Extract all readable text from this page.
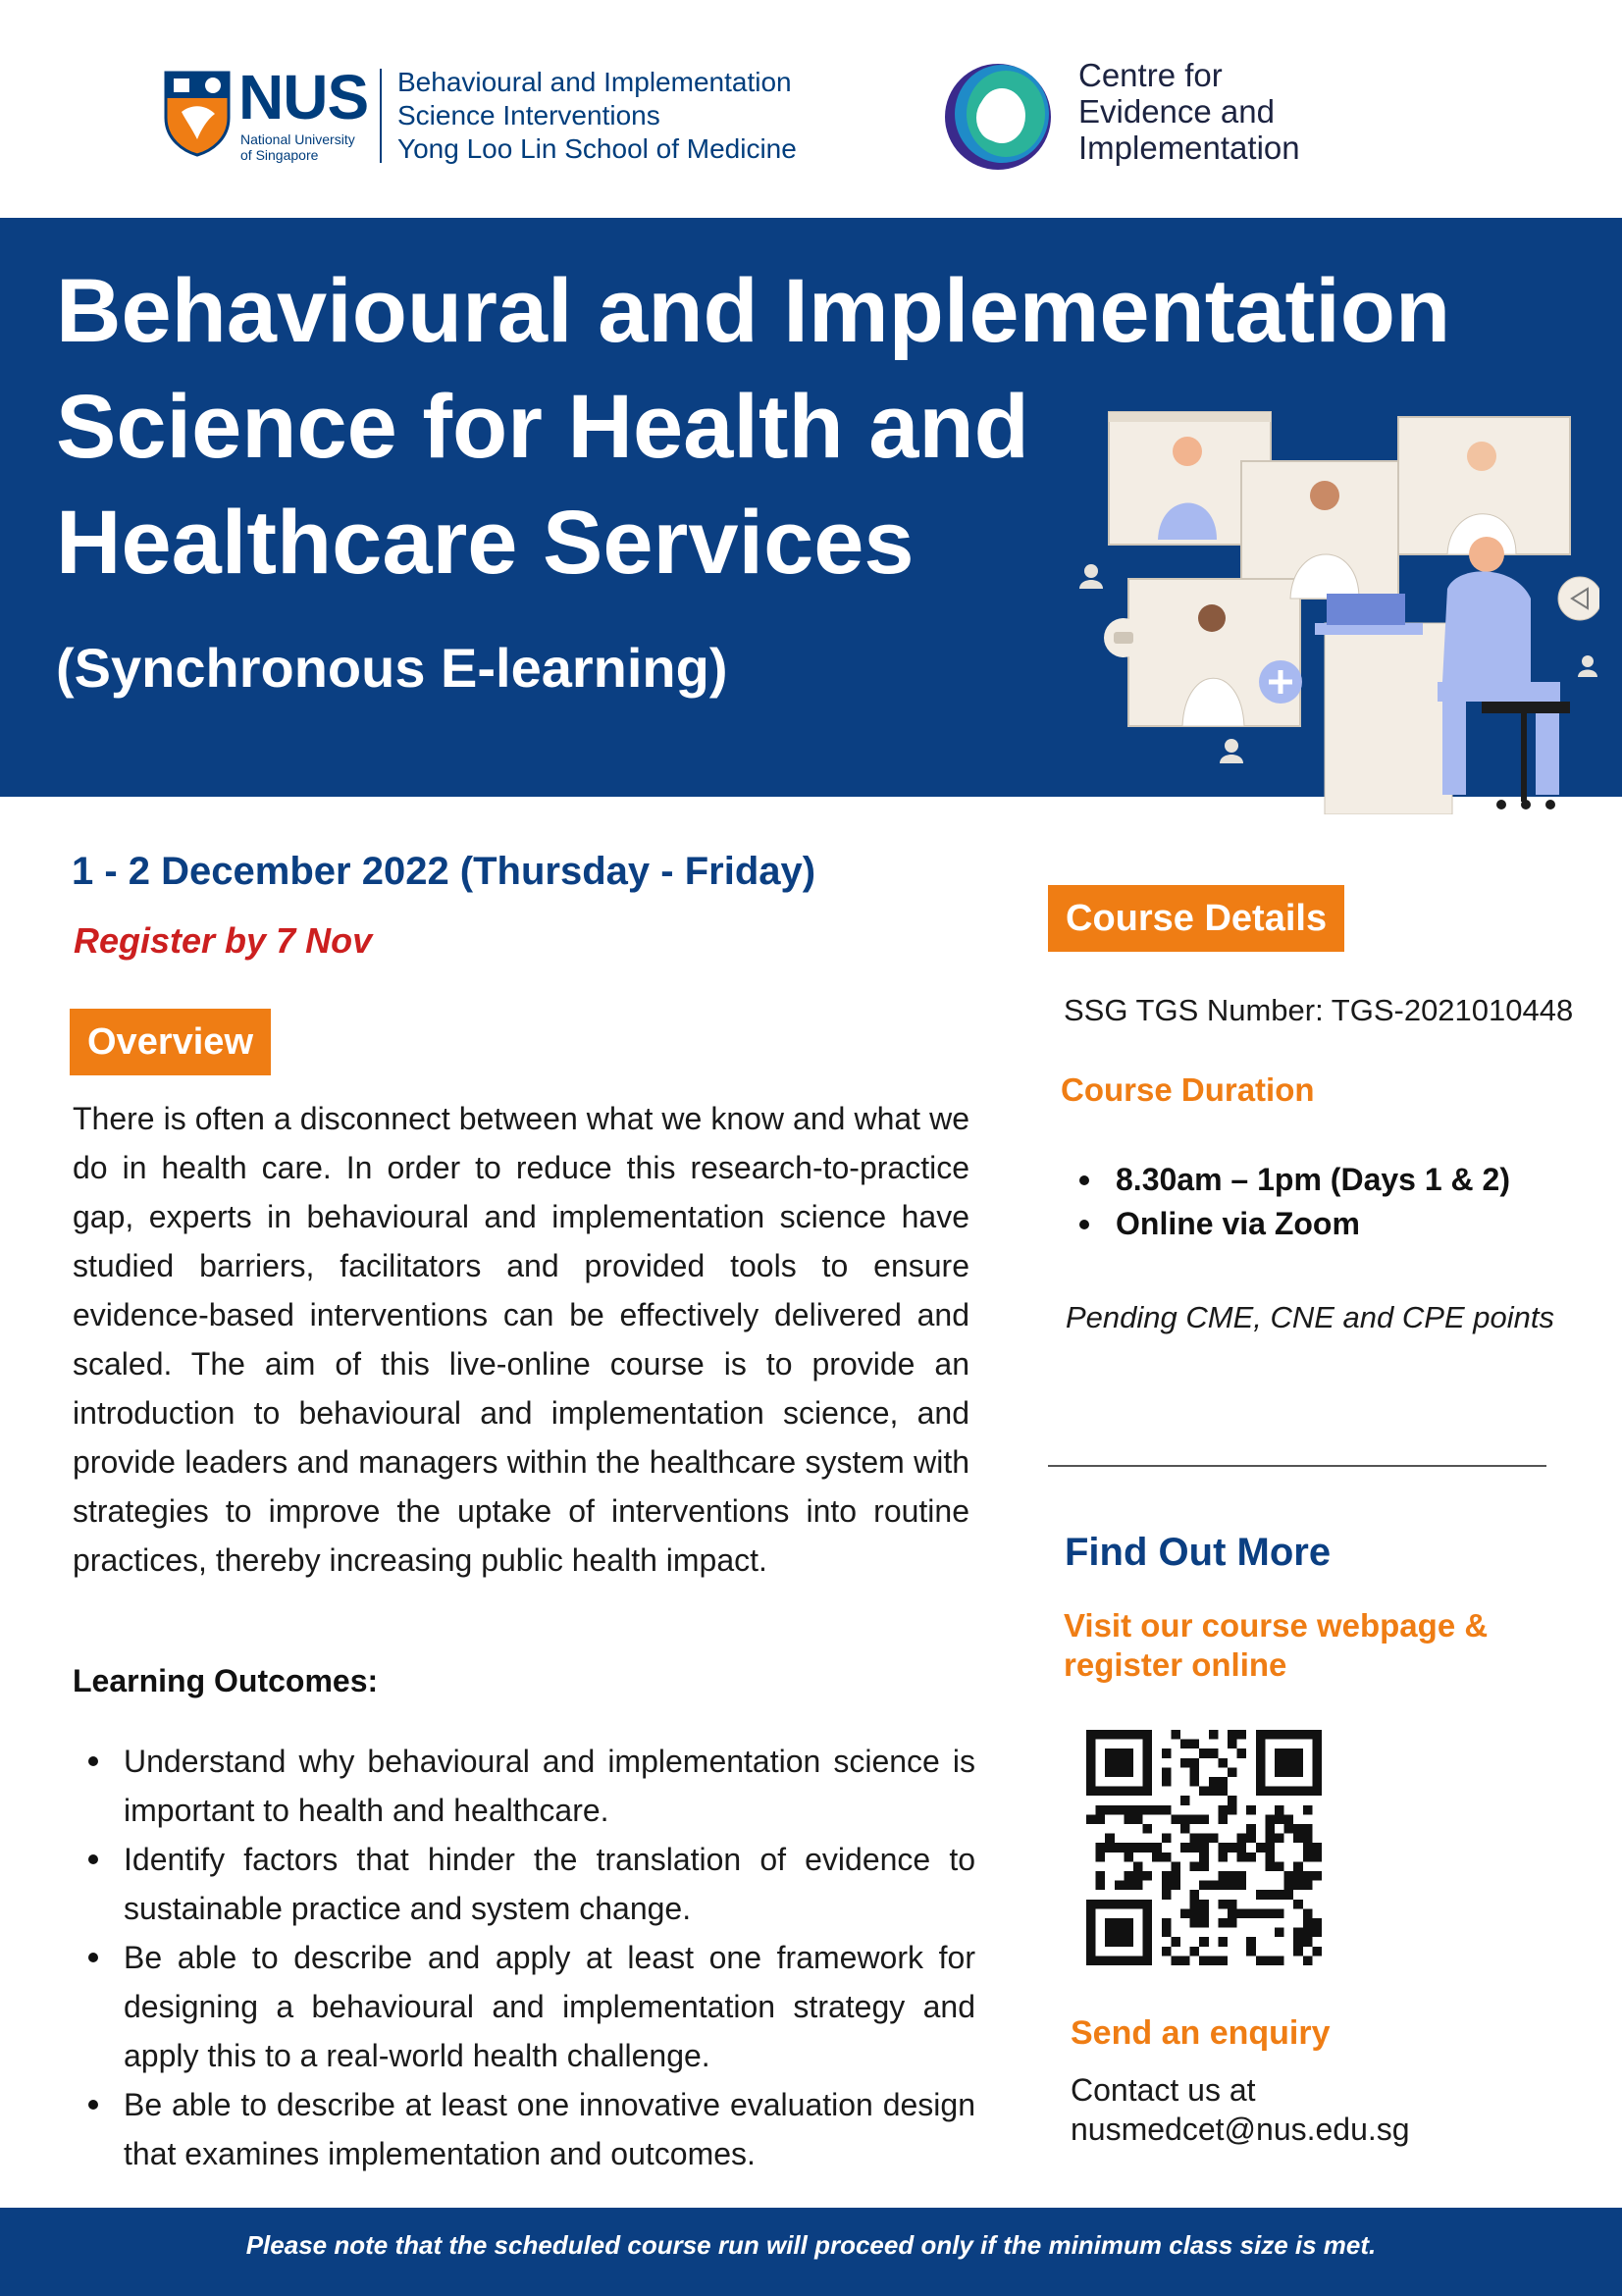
NUS
National University of Singapore
Behavioural and Implementation
Science Interventions
Yong Loo Lin School of Medicine
Centre for
Evidence and
Implementation
Behavioural and Implementation
Science for Health and
Healthcare Services
(Synchronous E-learning)
1 - 2 December 2022 (Thursday - Friday)
Register by 7 Nov
Overview
There is often a disconnect between what we know and what we do in health care. In order to reduce this research-to-practice gap, experts in behavioural and implementation science have studied barriers, facilitators and provided tools to ensure evidence-based interventions can be effectively delivered and scaled. The aim of this live-online course is to provide an introduction to behavioural and implementation science, and provide leaders and managers within the healthcare system with strategies to improve the uptake of interventions into routine practices, thereby increasing public health impact.
Learning Outcomes:
Understand why behavioural and implementation science is important to health and healthcare.
Identify factors that hinder the translation of evidence to sustainable practice and system change.
Be able to describe and apply at least one framework for designing a behavioural and implementation strategy and apply this to a real-world health challenge.
Be able to describe at least one innovative evaluation design that examines implementation and outcomes.
Course Details
SSG TGS Number: TGS-2021010448
Course Duration
8.30am – 1pm (Days 1 & 2)
Online via Zoom
Pending CME, CNE and CPE points
Find Out More
Visit our course webpage & register online
Send an enquiry
Contact us at
nusmedcet@nus.edu.sg
Please note that the scheduled course run will proceed only if the minimum class size is met.
